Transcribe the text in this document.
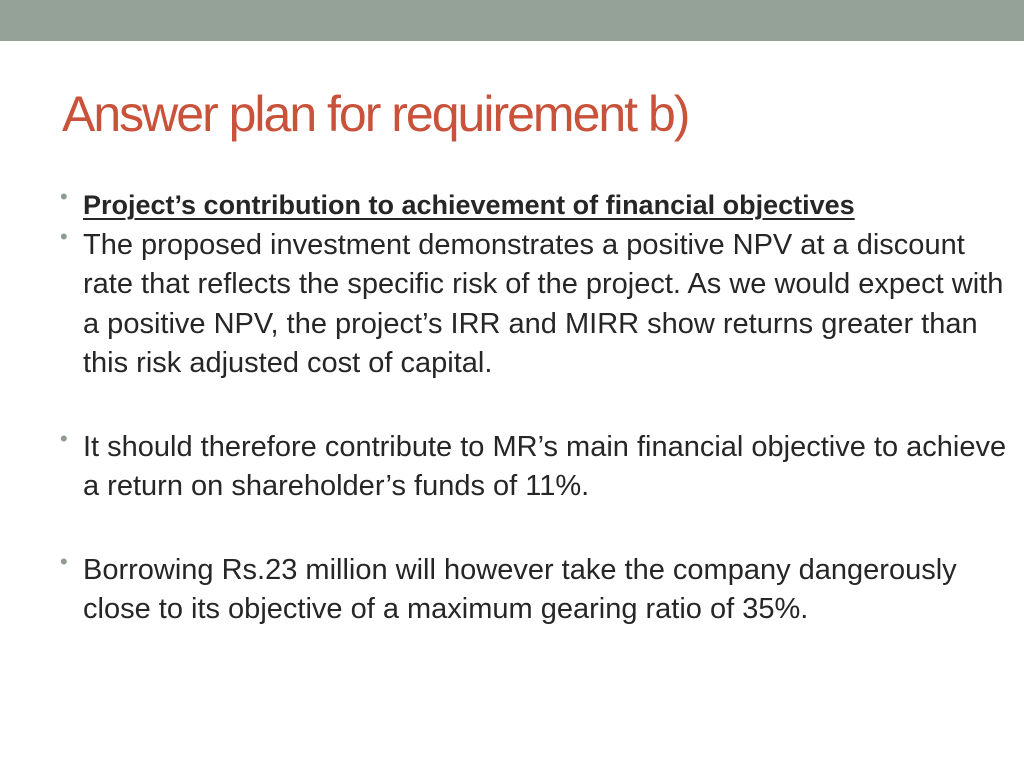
Answer plan for requirement b)
• Project’s contribution to achievement of financial objectives
• The proposed investment demonstrates a positive NPV at a discount rate that reflects the specific risk of the project. As we would expect with a positive NPV, the project’s IRR and MIRR show returns greater than this risk adjusted cost of capital.
• It should therefore contribute to MR’s main financial objective to achieve a return on shareholder’s funds of 11%.
• Borrowing Rs.23 million will however take the company dangerously close to its objective of a maximum gearing ratio of 35%.
